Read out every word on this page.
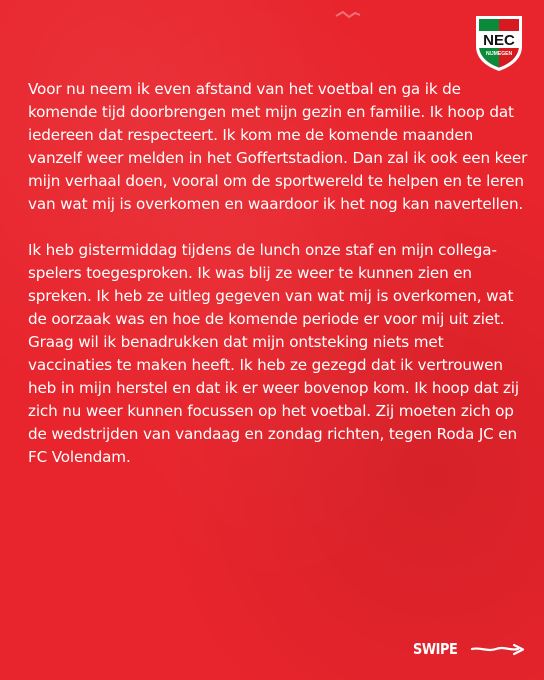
NEC
NIJMEGEN

Voor nu neem ik even afstand van het voetbal en ga ik de komende tijd doorbrengen met mijn gezin en familie. Ik hoop dat iedereen dat respecteert. Ik kom me de komende maanden vanzelf weer melden in het Goffertstadion. Dan zal ik ook een keer mijn verhaal doen, vooral om de sportwereld te helpen en te leren van wat mij is overkomen en waardoor ik het nog kan navertellen.

Ik heb gistermiddag tijdens de lunch onze staf en mijn collega-spelers toegesproken. Ik was blij ze weer te kunnen zien en spreken. Ik heb ze uitleg gegeven van wat mij is overkomen, wat de oorzaak was en hoe de komende periode er voor mij uit ziet. Graag wil ik benadrukken dat mijn ontsteking niets met vaccinaties te maken heeft. Ik heb ze gezegd dat ik vertrouwen heb in mijn herstel en dat ik er weer bovenop kom. Ik hoop dat zij zich nu weer kunnen focussen op het voetbal. Zij moeten zich op de wedstrijden van vandaag en zondag richten, tegen Roda JC en FC Volendam.

SWIPE
